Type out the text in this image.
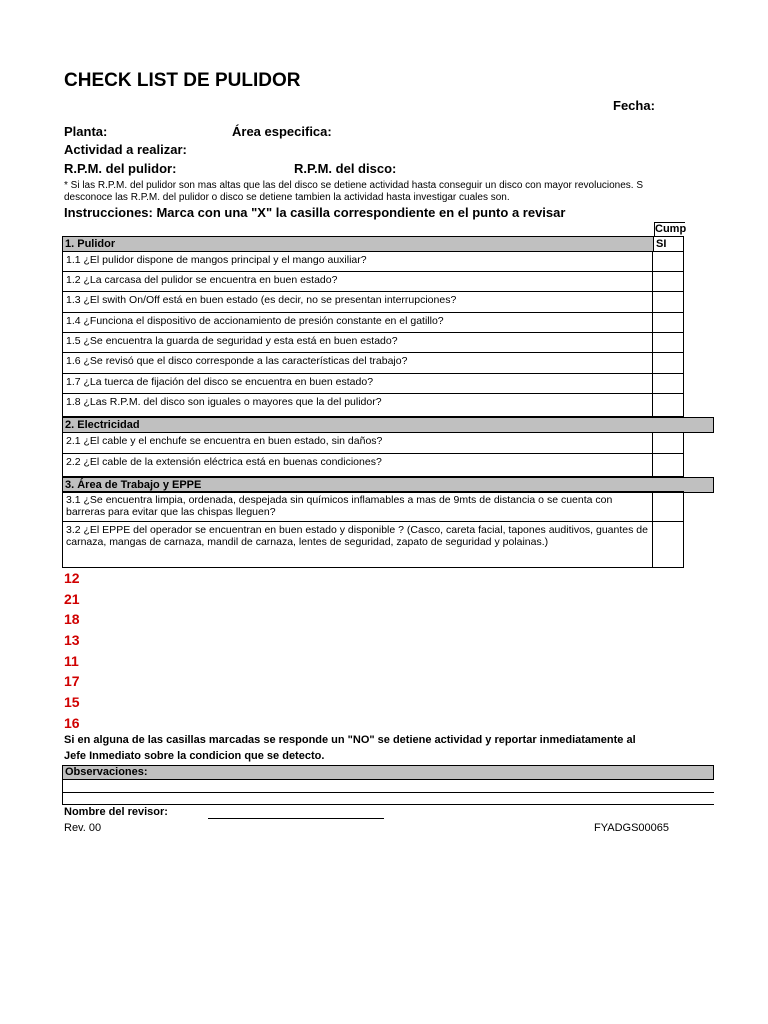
CHECK LIST DE PULIDOR
Fecha:
Planta:	Área especifica:
Actividad a realizar:
R.P.M. del pulidor:	R.P.M. del disco:
* Si las R.P.M. del pulidor son mas altas que las del disco se detiene actividad hasta conseguir un disco con mayor revoluciones. S
desconoce las R.P.M. del pulidor o disco se detiene tambien la actividad hasta investigar cuales son.
Instrucciones: Marca con una "X" la casilla correspondiente en el punto a revisar
Cump
1. Pulidor	SI
1.1 ¿El pulidor dispone de mangos principal y el mango auxiliar?
1.2 ¿La carcasa del pulidor se encuentra en buen estado?
1.3 ¿El swith On/Off está en buen estado (es decir, no se presentan interrupciones?
1.4 ¿Funciona el dispositivo de accionamiento de presión constante en el gatillo?
1.5 ¿Se encuentra la guarda de seguridad y esta está en buen estado?
1.6 ¿Se revisó que el disco corresponde a las características del trabajo?
1.7 ¿La tuerca de fijación del disco se encuentra en buen estado?
1.8 ¿Las R.P.M. del disco son iguales o mayores que la del pulidor?
2. Electricidad
2.1 ¿El cable y el enchufe se encuentra en buen estado, sin daños?
2.2 ¿El cable de la extensión eléctrica está en buenas condiciones?
3. Área de Trabajo y EPPE
3.1 ¿Se encuentra limpia, ordenada, despejada sin químicos inflamables a mas de 9mts de distancia o se cuenta con barreras para evitar que las chispas lleguen?
3.2 ¿El EPPE del operador se encuentran en buen estado y disponible ? (Casco, careta facial, tapones auditivos, guantes de carnaza, mangas de carnaza, mandil de carnaza, lentes de seguridad, zapato de seguridad y polainas.)
12
21
18
13
11
17
15
16
Si en alguna de las casillas marcadas se responde un "NO" se detiene actividad y reportar inmediatamente al
Jefe Inmediato sobre la condicion que se detecto.
Observaciones:
Nombre del revisor:
Rev. 00	FYADGS00065
